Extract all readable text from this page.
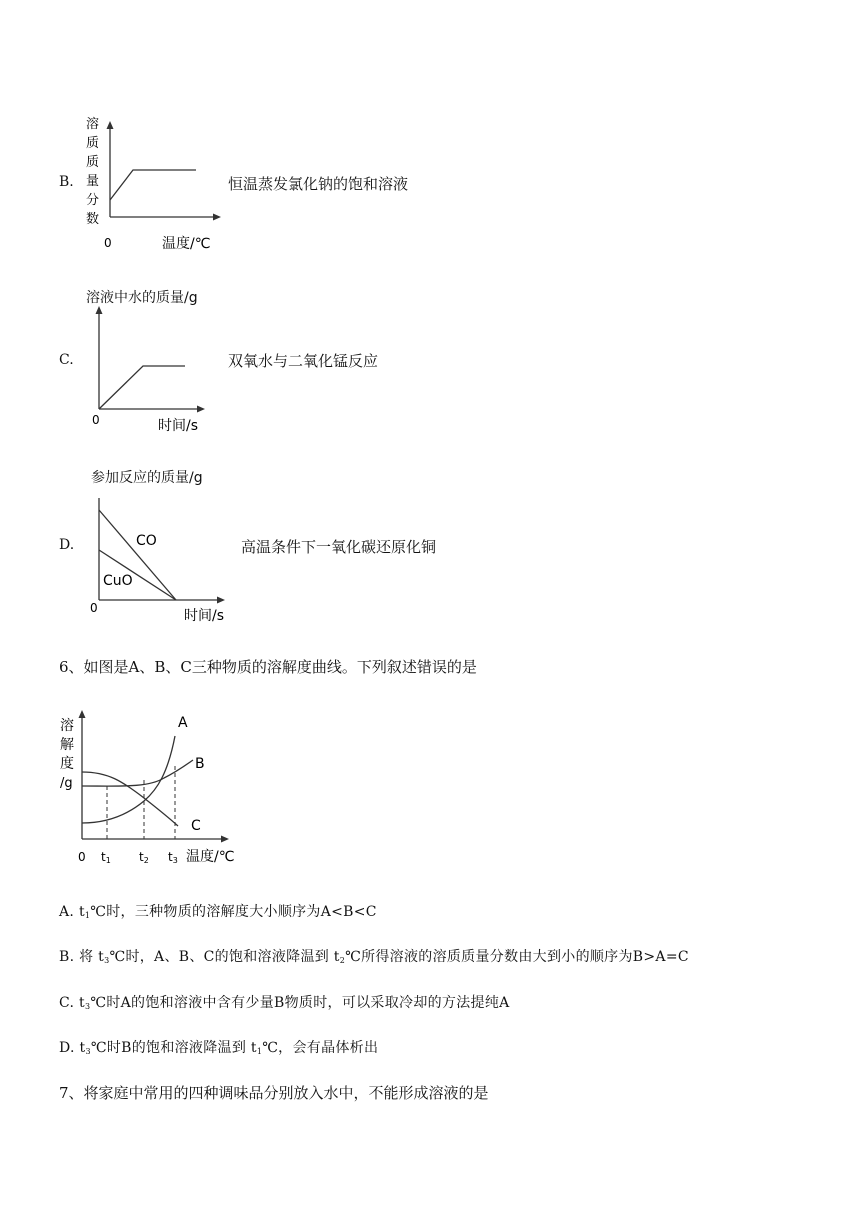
B.
溶
质
质
量
分
数
0	温度/℃
恒温蒸发氯化钠的饱和溶液
溶液中水的质量/g
C.
0	时间/s
双氧水与二氧化锰反应
参加反应的质量/g
D.	CO
CuO
0	时间/s
高温条件下一氧化碳还原化铜
6、如图是A、B、C三种物质的溶解度曲线。下列叙述错误的是
溶
解
度
/g
A
B
C
0 t1 t2 t3 温度/℃
A. $t_1℃$时，三种物质的溶解度大小顺序为A<B<C
B. 将 $t_3℃$时，A、B、C的饱和溶液降温到 $t_2℃$所得溶液的溶质质量分数由大到小的顺序为B>A=C
C. $t_3℃$时A的饱和溶液中含有少量B物质时，可以采取冷却的方法提纯A
D. $t_3℃$时B的饱和溶液降温到 $t_1℃$，会有晶体析出
7、将家庭中常用的四种调味品分别放入水中，不能形成溶液的是
